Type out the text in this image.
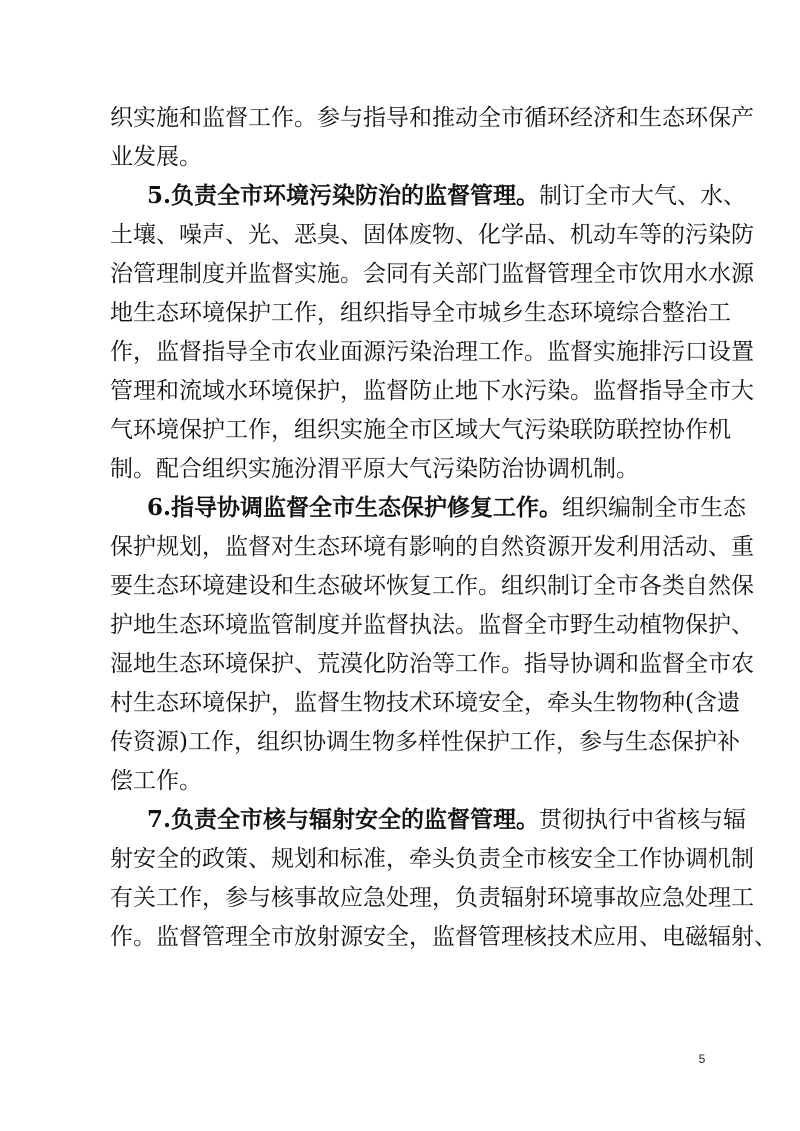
织实施和监督工作。参与指导和推动全市循环经济和生态环保产
业发展。
5.负责全市环境污染防治的监督管理。制订全市大气、水、
土壤、噪声、光、恶臭、固体废物、化学品、机动车等的污染防
治管理制度并监督实施。会同有关部门监督管理全市饮用水水源
地生态环境保护工作，组织指导全市城乡生态环境综合整治工
作，监督指导全市农业面源污染治理工作。监督实施排污口设置
管理和流域水环境保护，监督防止地下水污染。监督指导全市大
气环境保护工作，组织实施全市区域大气污染联防联控协作机
制。配合组织实施汾渭平原大气污染防治协调机制。
6.指导协调监督全市生态保护修复工作。组织编制全市生态
保护规划，监督对生态环境有影响的自然资源开发利用活动、重
要生态环境建设和生态破坏恢复工作。组织制订全市各类自然保
护地生态环境监管制度并监督执法。监督全市野生动植物保护、
湿地生态环境保护、荒漠化防治等工作。指导协调和监督全市农
村生态环境保护，监督生物技术环境安全，牵头生物物种(含遗
传资源)工作，组织协调生物多样性保护工作，参与生态保护补
偿工作。
7.负责全市核与辐射安全的监督管理。贯彻执行中省核与辐
射安全的政策、规划和标准，牵头负责全市核安全工作协调机制
有关工作，参与核事故应急处理，负责辐射环境事故应急处理工
作。监督管理全市放射源安全，监督管理核技术应用、电磁辐射、
5
